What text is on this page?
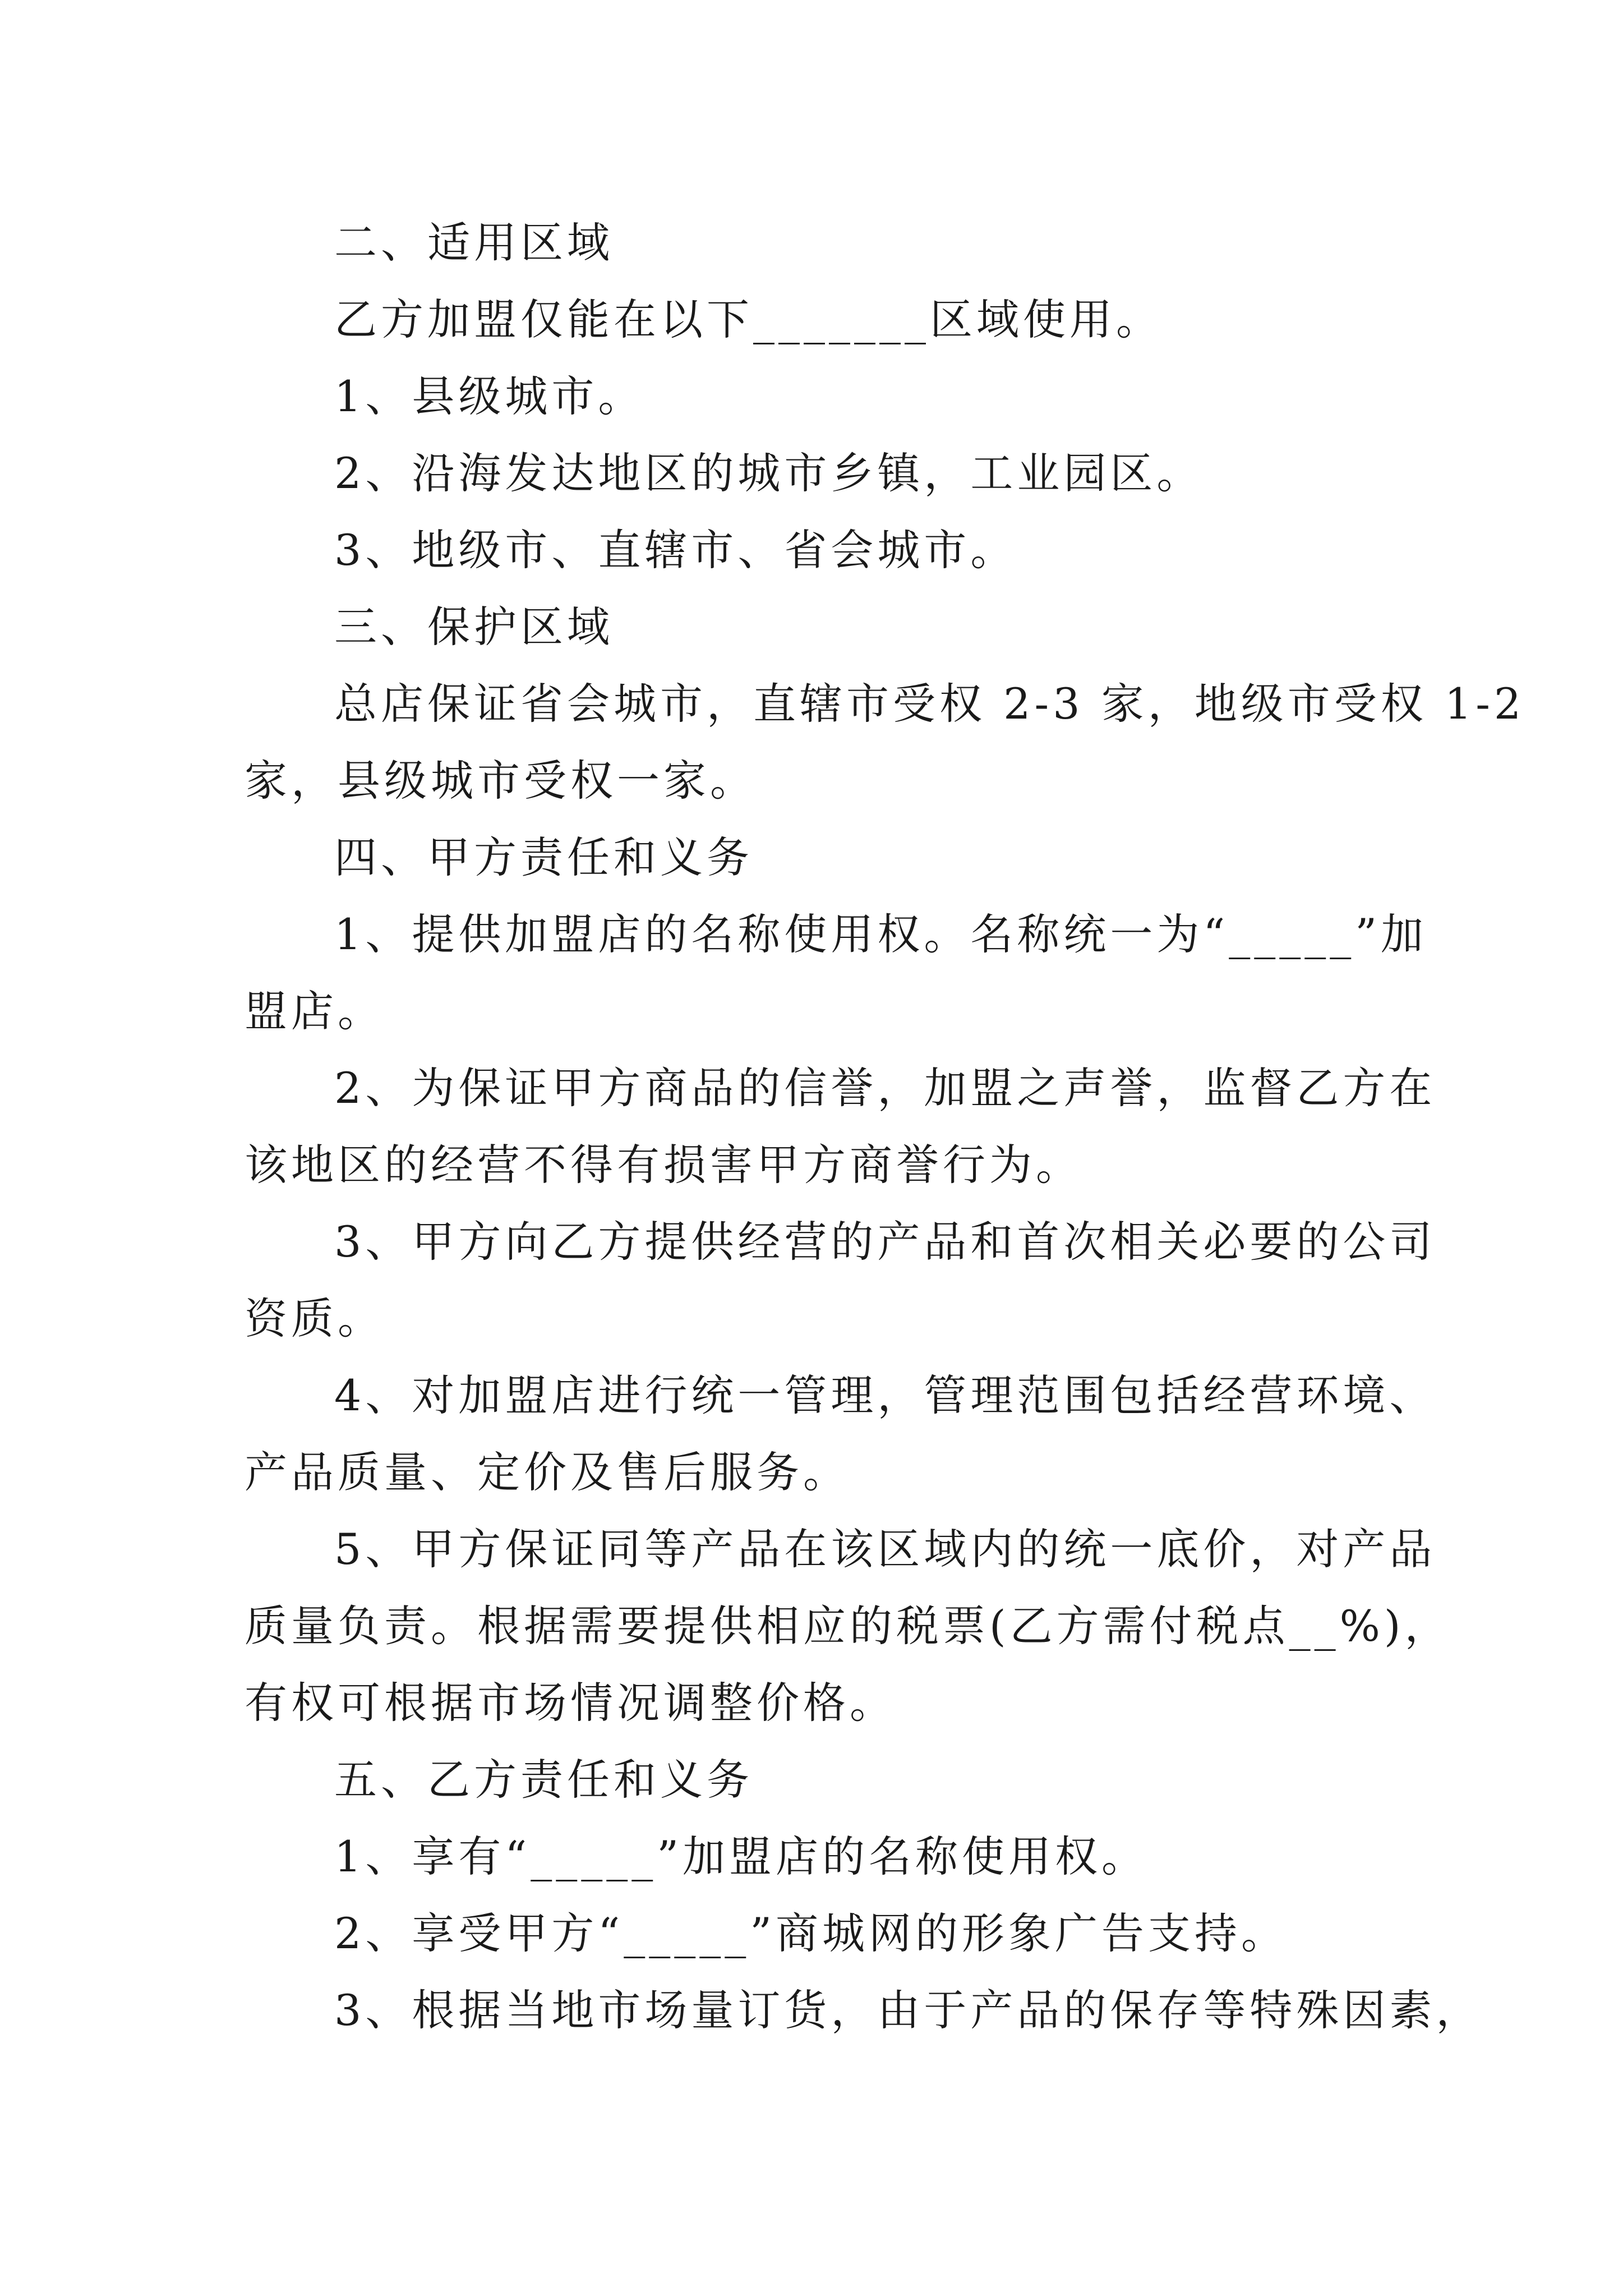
二、适用区域

乙方加盟仅能在以下_______区域使用。

1、县级城市。

2、沿海发达地区的城市乡镇，工业园区。

3、地级市、直辖市、省会城市。

三、保护区域

总店保证省会城市，直辖市受权 2-3 家，地级市受权 1-2

家，县级城市受权一家。

四、甲方责任和义务

1、提供加盟店的名称使用权。名称统一为“_____”加

盟店。

2、为保证甲方商品的信誉，加盟之声誉，监督乙方在

该地区的经营不得有损害甲方商誉行为。

3、甲方向乙方提供经营的产品和首次相关必要的公司

资质。

4、对加盟店进行统一管理，管理范围包括经营环境、

产品质量、定价及售后服务。

5、甲方保证同等产品在该区域内的统一底价，对产品

质量负责。根据需要提供相应的税票(乙方需付税点__%)，

有权可根据市场情况调整价格。

五、乙方责任和义务

1、享有“_____”加盟店的名称使用权。

2、享受甲方“_____”商城网的形象广告支持。

3、根据当地市场量订货，由于产品的保存等特殊因素，
